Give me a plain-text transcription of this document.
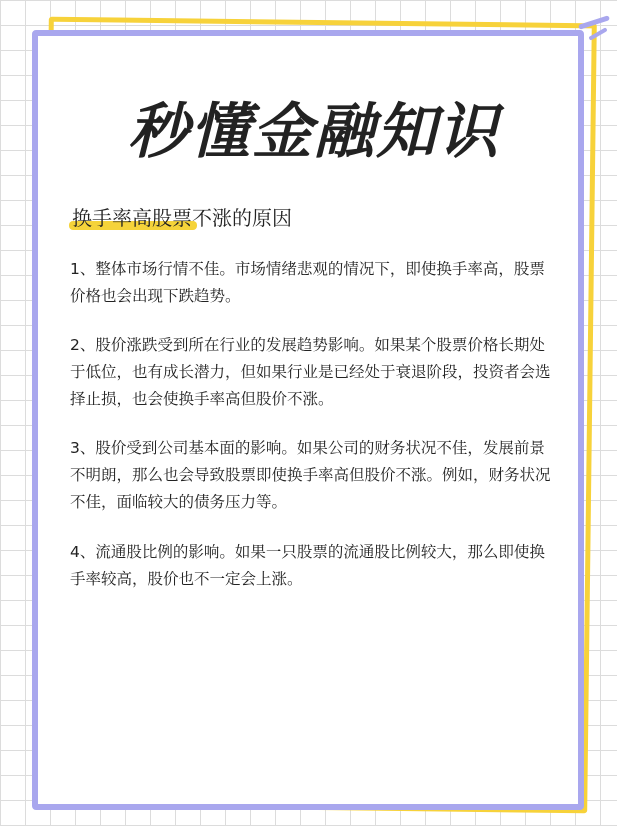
秒懂金融知识
换手率高股票不涨的原因

1、整体市场行情不佳。市场情绪悲观的情况下，即使换手率高，股票价格也会出现下跌趋势。

2、股价涨跌受到所在行业的发展趋势影响。如果某个股票价格长期处于低位，也有成长潜力，但如果行业是已经处于衰退阶段，投资者会选择止损，也会使换手率高但股价不涨。

3、股价受到公司基本面的影响。如果公司的财务状况不佳，发展前景不明朗，那么也会导致股票即使换手率高但股价不涨。例如，财务状况不佳，面临较大的债务压力等。

4、流通股比例的影响。如果一只股票的流通股比例较大，那么即使换手率较高，股价也不一定会上涨。
